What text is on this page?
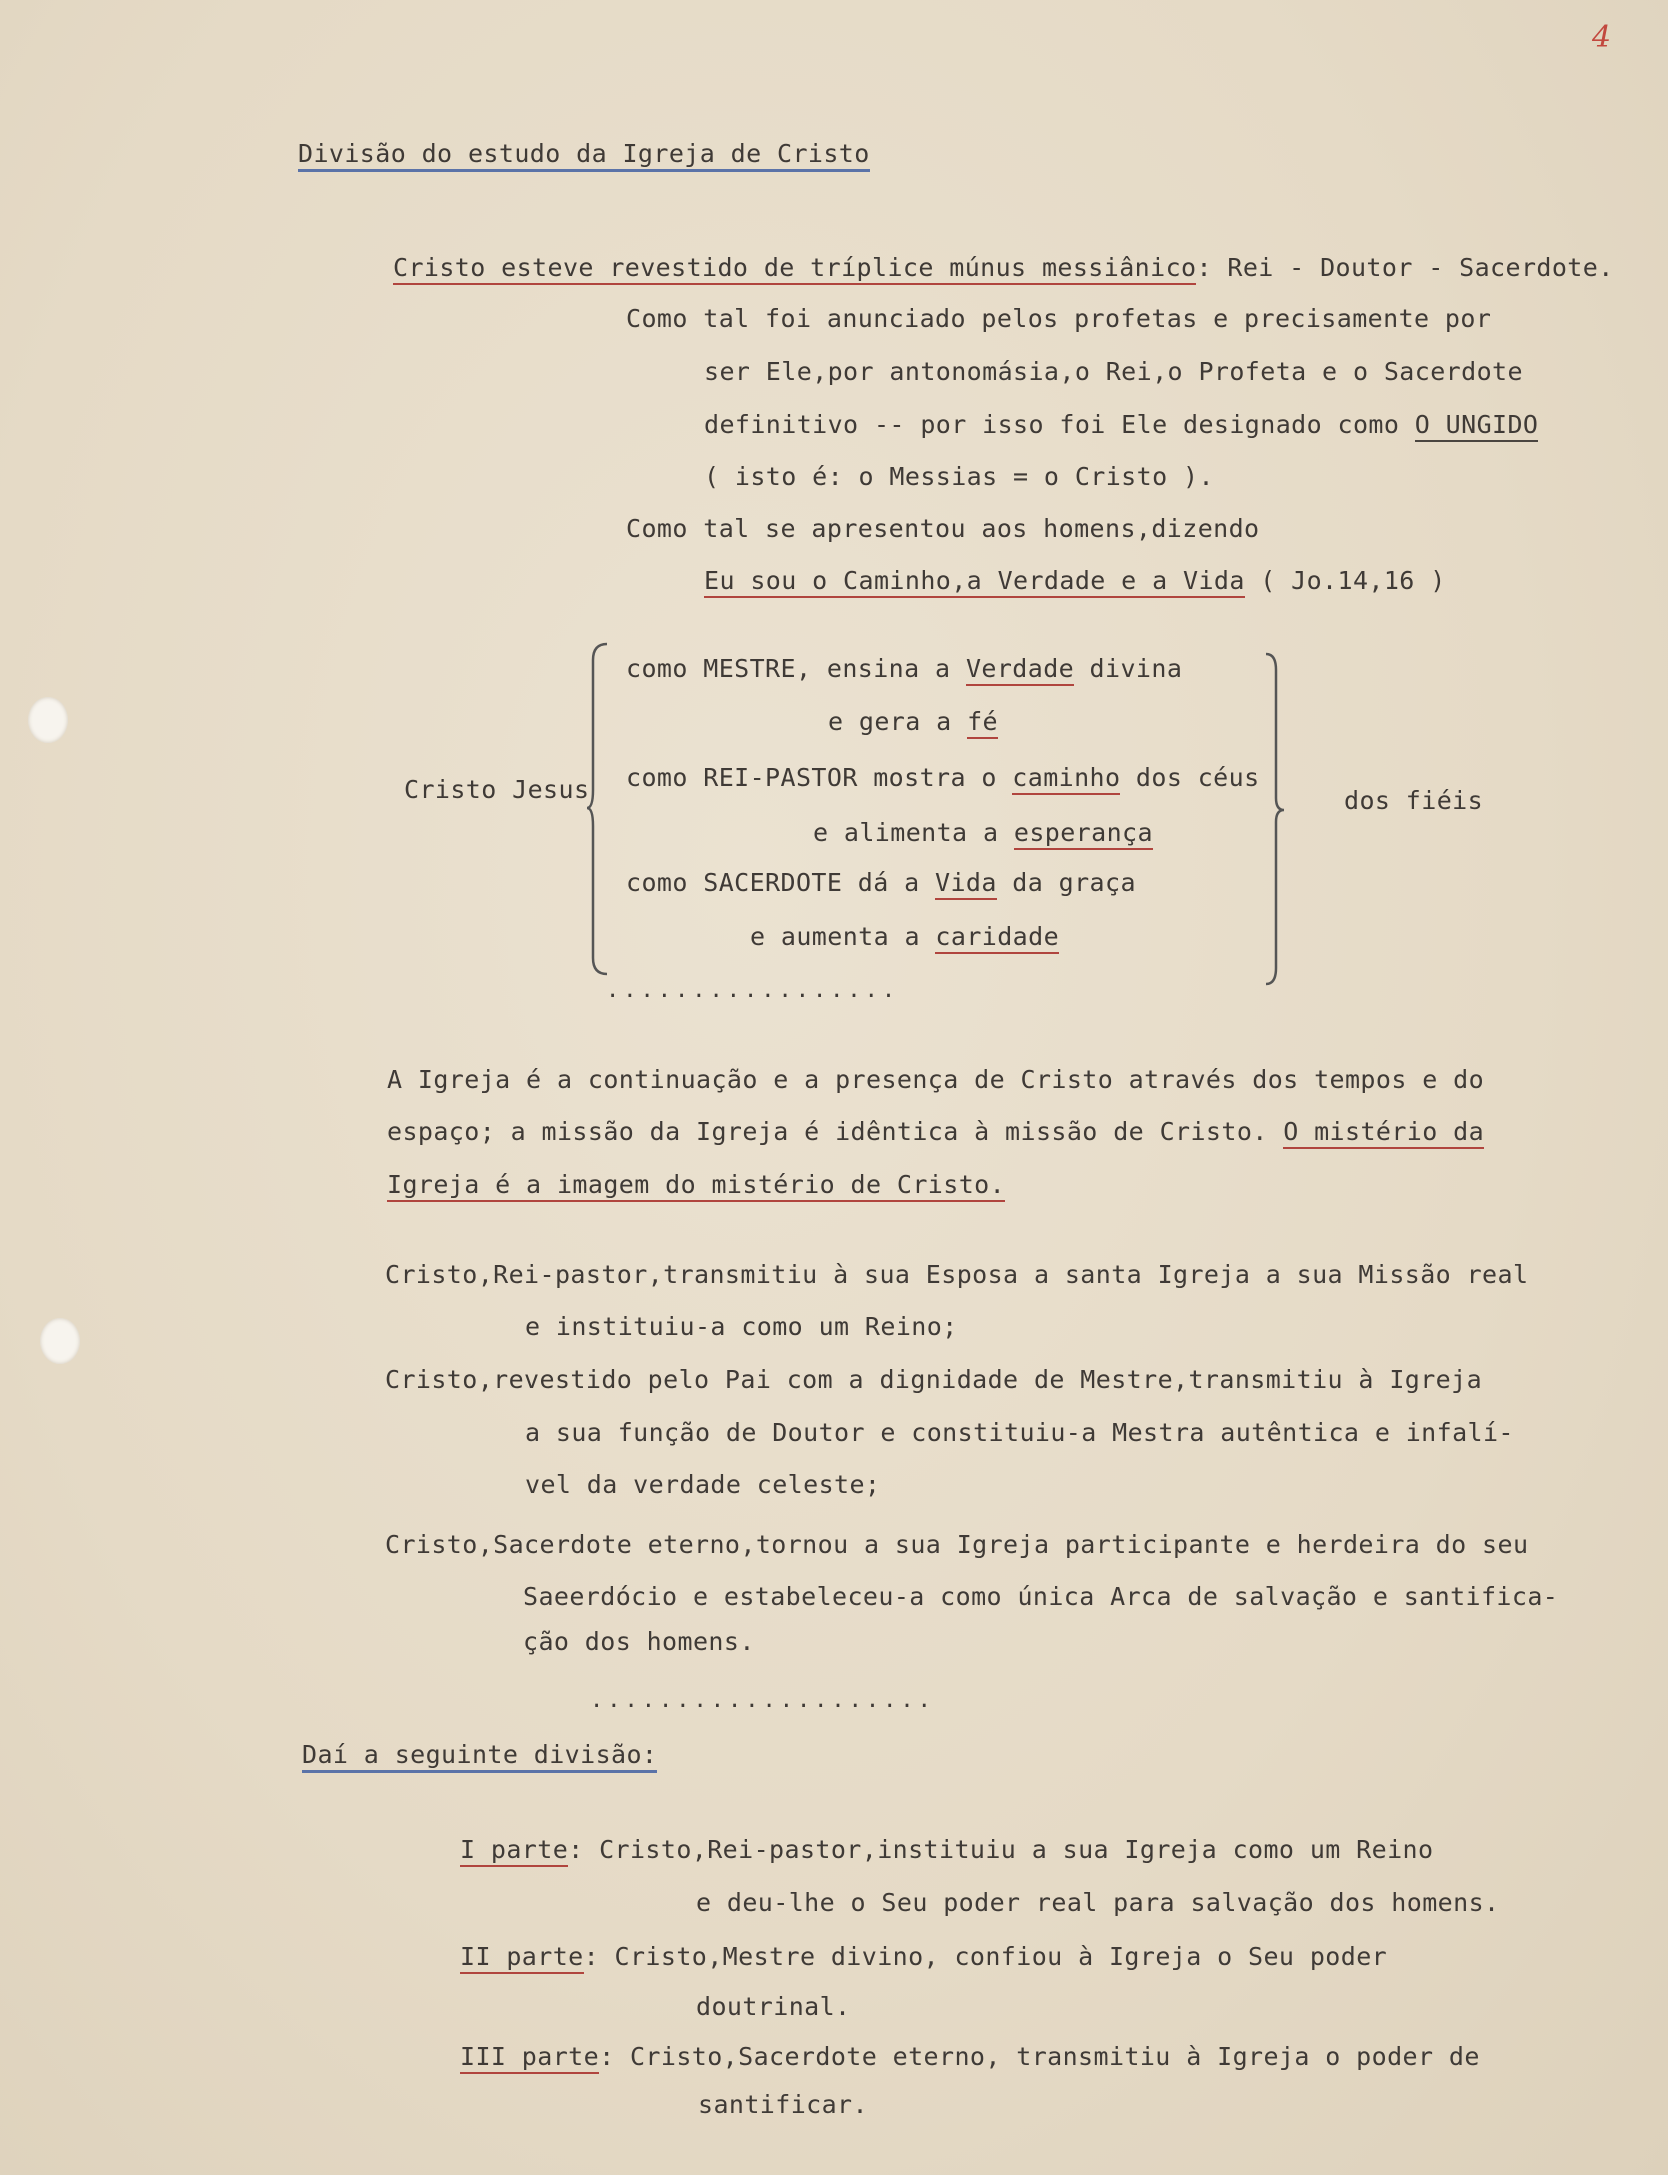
4
Divisão do estudo da Igreja de Cristo
Cristo esteve revestido de tríplice múnus messiânico: Rei - Doutor - Sacerdote.
Como tal foi anunciado pelos profetas e precisamente por
ser Ele,por antonomásia,o Rei,o Profeta e o Sacerdote
definitivo -- por isso foi Ele designado como O UNGIDO
( isto é: o Messias = o Cristo ).
Como tal se apresentou aos homens,dizendo
Eu sou o Caminho,a Verdade e a Vida ( Jo.14,16 )
Cristo Jesus
como MESTRE, ensina a Verdade divina
e gera a fé
como REI-PASTOR mostra o caminho dos céus
e alimenta a esperança
como SACERDOTE dá a Vida da graça
e aumenta a caridade
dos fiéis
.................
A Igreja é a continuação e a presença de Cristo através dos tempos e do
espaço; a missão da Igreja é idêntica à missão de Cristo. O mistério da
Igreja é a imagem do mistério de Cristo.
Cristo,Rei-pastor,transmitiu à sua Esposa a santa Igreja a sua Missão real
e instituiu-a como um Reino;
Cristo,revestido pelo Pai com a dignidade de Mestre,transmitiu à Igreja
a sua função de Doutor e constituiu-a Mestra autêntica e infalí-
vel da verdade celeste;
Cristo,Sacerdote eterno,tornou a sua Igreja participante e herdeira do seu
Saeerdócio e estabeleceu-a como única Arca de salvação e santifica-
ção dos homens.
....................
Daí a seguinte divisão:
I parte: Cristo,Rei-pastor,instituiu a sua Igreja como um Reino
e deu-lhe o Seu poder real para salvação dos homens.
II parte: Cristo,Mestre divino, confiou à Igreja o Seu poder
doutrinal.
III parte: Cristo,Sacerdote eterno, transmitiu à Igreja o poder de
santificar.
